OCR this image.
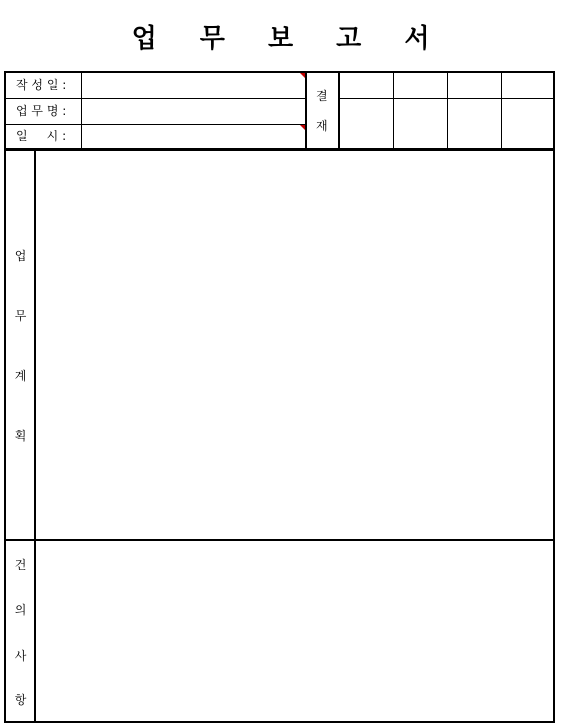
업 무 보 고 서
작 성 일 :
업 무 명 :
일     시 :
결
재
업
무
계
획
건
의
사
항
